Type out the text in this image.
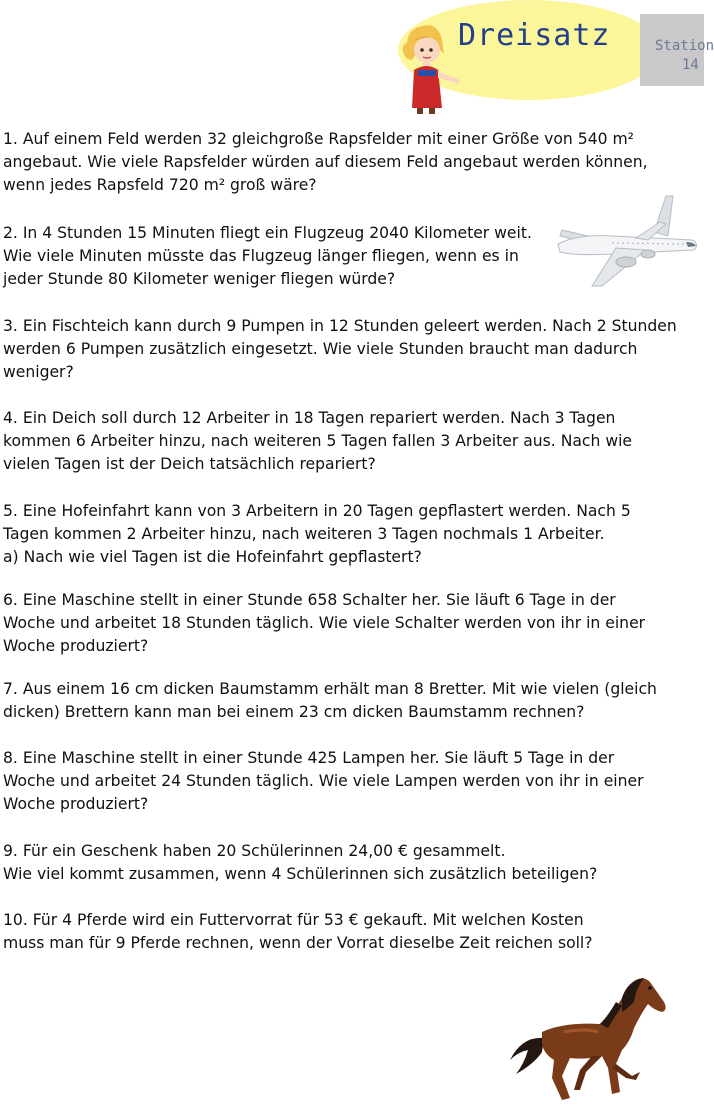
Dreisatz	Station
14
1. Auf einem Feld werden 32 gleichgroße Rapsfelder mit einer Größe von 540 m²
angebaut. Wie viele Rapsfelder würden auf diesem Feld angebaut werden können,
wenn jedes Rapsfeld 720 m² groß wäre?
2. In 4 Stunden 15 Minuten fliegt ein Flugzeug 2040 Kilometer weit.
Wie viele Minuten müsste das Flugzeug länger fliegen, wenn es in
jeder Stunde 80 Kilometer weniger fliegen würde?
3. Ein Fischteich kann durch 9 Pumpen in 12 Stunden geleert werden. Nach 2 Stunden
werden 6 Pumpen zusätzlich eingesetzt. Wie viele Stunden braucht man dadurch
weniger?
4. Ein Deich soll durch 12 Arbeiter in 18 Tagen repariert werden. Nach 3 Tagen
kommen 6 Arbeiter hinzu, nach weiteren 5 Tagen fallen 3 Arbeiter aus. Nach wie
vielen Tagen ist der Deich tatsächlich repariert?
5. Eine Hofeinfahrt kann von 3 Arbeitern in 20 Tagen gepflastert werden. Nach 5
Tagen kommen 2 Arbeiter hinzu, nach weiteren 3 Tagen nochmals 1 Arbeiter.
a) Nach wie viel Tagen ist die Hofeinfahrt gepflastert?
6. Eine Maschine stellt in einer Stunde 658 Schalter her. Sie läuft 6 Tage in der
Woche und arbeitet 18 Stunden täglich. Wie viele Schalter werden von ihr in einer
Woche produziert?
7. Aus einem 16 cm dicken Baumstamm erhält man 8 Bretter. Mit wie vielen (gleich
dicken) Brettern kann man bei einem 23 cm dicken Baumstamm rechnen?
8. Eine Maschine stellt in einer Stunde 425 Lampen her. Sie läuft 5 Tage in der
Woche und arbeitet 24 Stunden täglich. Wie viele Lampen werden von ihr in einer
Woche produziert?
9. Für ein Geschenk haben 20 Schülerinnen 24,00 € gesammelt.
Wie viel kommt zusammen, wenn 4 Schülerinnen sich zusätzlich beteiligen?
10. Für 4 Pferde wird ein Futtervorrat für 53 € gekauft. Mit welchen Kosten
muss man für 9 Pferde rechnen, wenn der Vorrat dieselbe Zeit reichen soll?
